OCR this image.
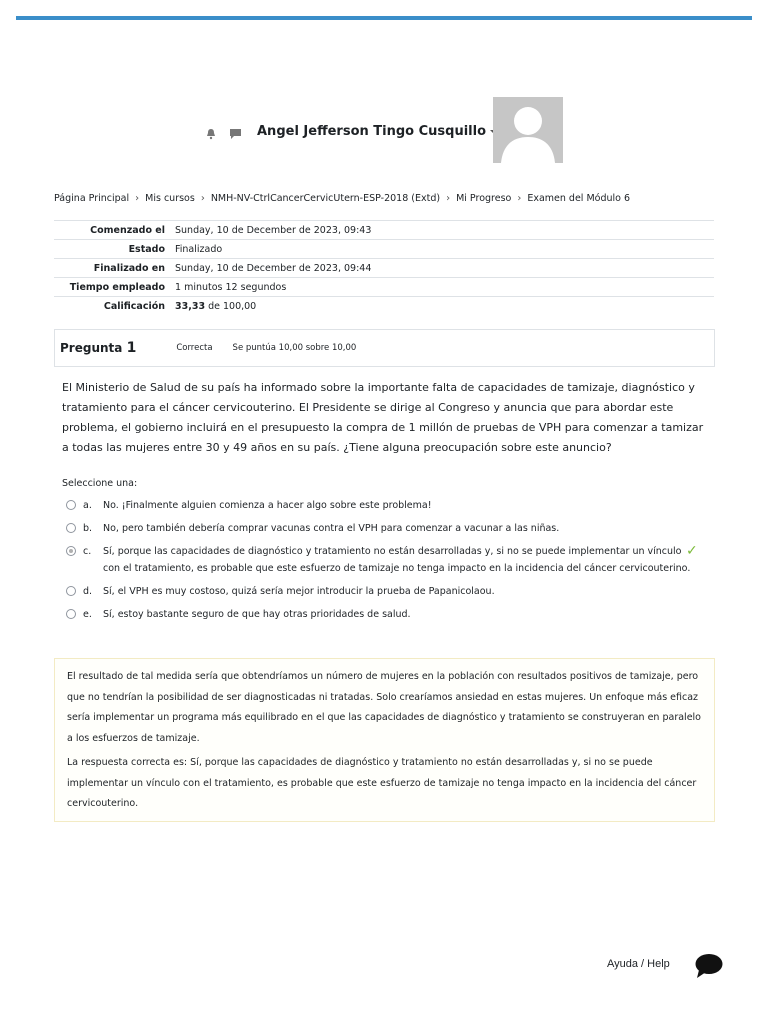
Angel Jefferson Tingo Cusquillo
Página Principal › Mis cursos › NMH-NV-CtrlCancerCervicUtern-ESP-2018 (Extd) › Mi Progreso › Examen del Módulo 6
Comenzado el	Sunday, 10 de December de 2023, 09:43
Estado	Finalizado
Finalizado en	Sunday, 10 de December de 2023, 09:44
Tiempo empleado	1 minutos 12 segundos
Calificación	33,33 de 100,00
Pregunta 1	Correcta Se puntúa 10,00 sobre 10,00
El Ministerio de Salud de su país ha informado sobre la importante falta de capacidades de tamizaje, diagnóstico y tratamiento para el cáncer cervicouterino. El Presidente se dirige al Congreso y anuncia que para abordar este problema, el gobierno incluirá en el presupuesto la compra de 1 millón de pruebas de VPH para comenzar a tamizar a todas las mujeres entre 30 y 49 años en su país. ¿Tiene alguna preocupación sobre este anuncio?
Seleccione una:
a.	No. ¡Finalmente alguien comienza a hacer algo sobre este problema!
b.	No, pero también debería comprar vacunas contra el VPH para comenzar a vacunar a las niñas.
c.	Sí, porque las capacidades de diagnóstico y tratamiento no están desarrolladas y, si no se puede implementar un vínculo con el tratamiento, es probable que este esfuerzo de tamizaje no tenga impacto en la incidencia del cáncer cervicouterino.
✓
d.	Sí, el VPH es muy costoso, quizá sería mejor introducir la prueba de Papanicolaou.
e.	Sí, estoy bastante seguro de que hay otras prioridades de salud.

El resultado de tal medida sería que obtendríamos un número de mujeres en la población con resultados positivos de tamizaje, pero que no tendrían la posibilidad de ser diagnosticadas ni tratadas. Solo crearíamos ansiedad en estas mujeres. Un enfoque más eficaz sería implementar un programa más equilibrado en el que las capacidades de diagnóstico y tratamiento se construyeran en paralelo a los esfuerzos de tamizaje.

La respuesta correcta es: Sí, porque las capacidades de diagnóstico y tratamiento no están desarrolladas y, si no se puede implementar un vínculo con el tratamiento, es probable que este esfuerzo de tamizaje no tenga impacto en la incidencia del cáncer cervicouterino.

Ayuda / Help
